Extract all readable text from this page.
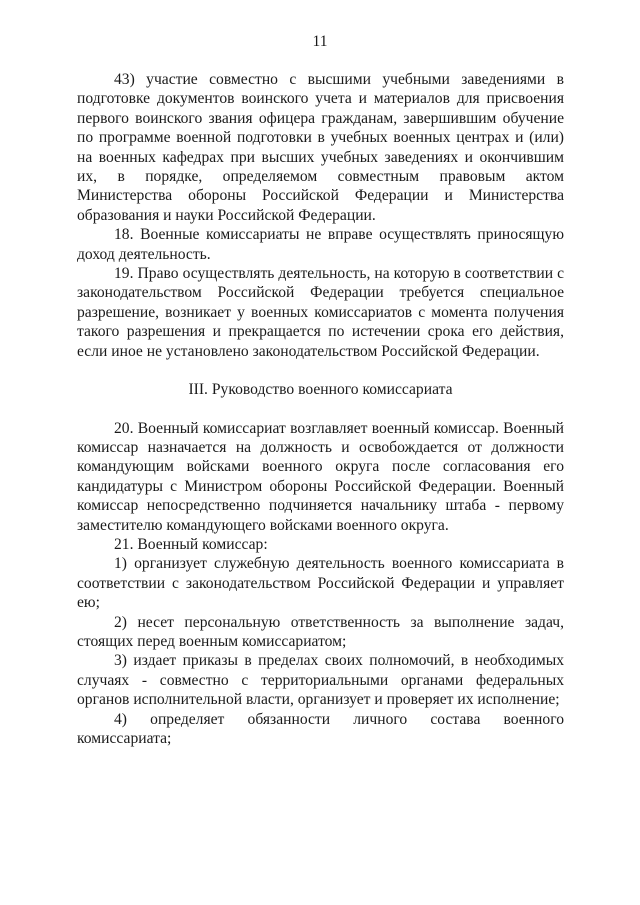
11

43) участие совместно с высшими учебными заведениями в подготовке документов воинского учета и материалов для присвоения первого воинского звания офицера гражданам, завершившим обучение по программе военной подготовки в учебных военных центрах и (или) на военных кафедрах при высших учебных заведениях и окончившим их, в порядке, определяемом совместным правовым актом Министерства обороны Российской Федерации и Министерства образования и науки Российской Федерации.

18. Военные комиссариаты не вправе осуществлять приносящую доход деятельность.

19. Право осуществлять деятельность, на которую в соответствии с законодательством Российской Федерации требуется специальное разрешение, возникает у военных комиссариатов с момента получения такого разрешения и прекращается по истечении срока его действия, если иное не установлено законодательством Российской Федерации.

III. Руководство военного комиссариата

20. Военный комиссариат возглавляет военный комиссар. Военный комиссар назначается на должность и освобождается от должности командующим войсками военного округа после согласования его кандидатуры с Министром обороны Российской Федерации. Военный комиссар непосредственно подчиняется начальнику штаба - первому заместителю командующего войсками военного округа.

21. Военный комиссар:

1) организует служебную деятельность военного комиссариата в соответствии с законодательством Российской Федерации и управляет ею;

2) несет персональную ответственность за выполнение задач, стоящих перед военным комиссариатом;

3) издает приказы в пределах своих полномочий, в необходимых случаях - совместно с территориальными органами федеральных органов исполнительной власти, организует и проверяет их исполнение;

4) определяет обязанности личного состава военного комиссариата;
